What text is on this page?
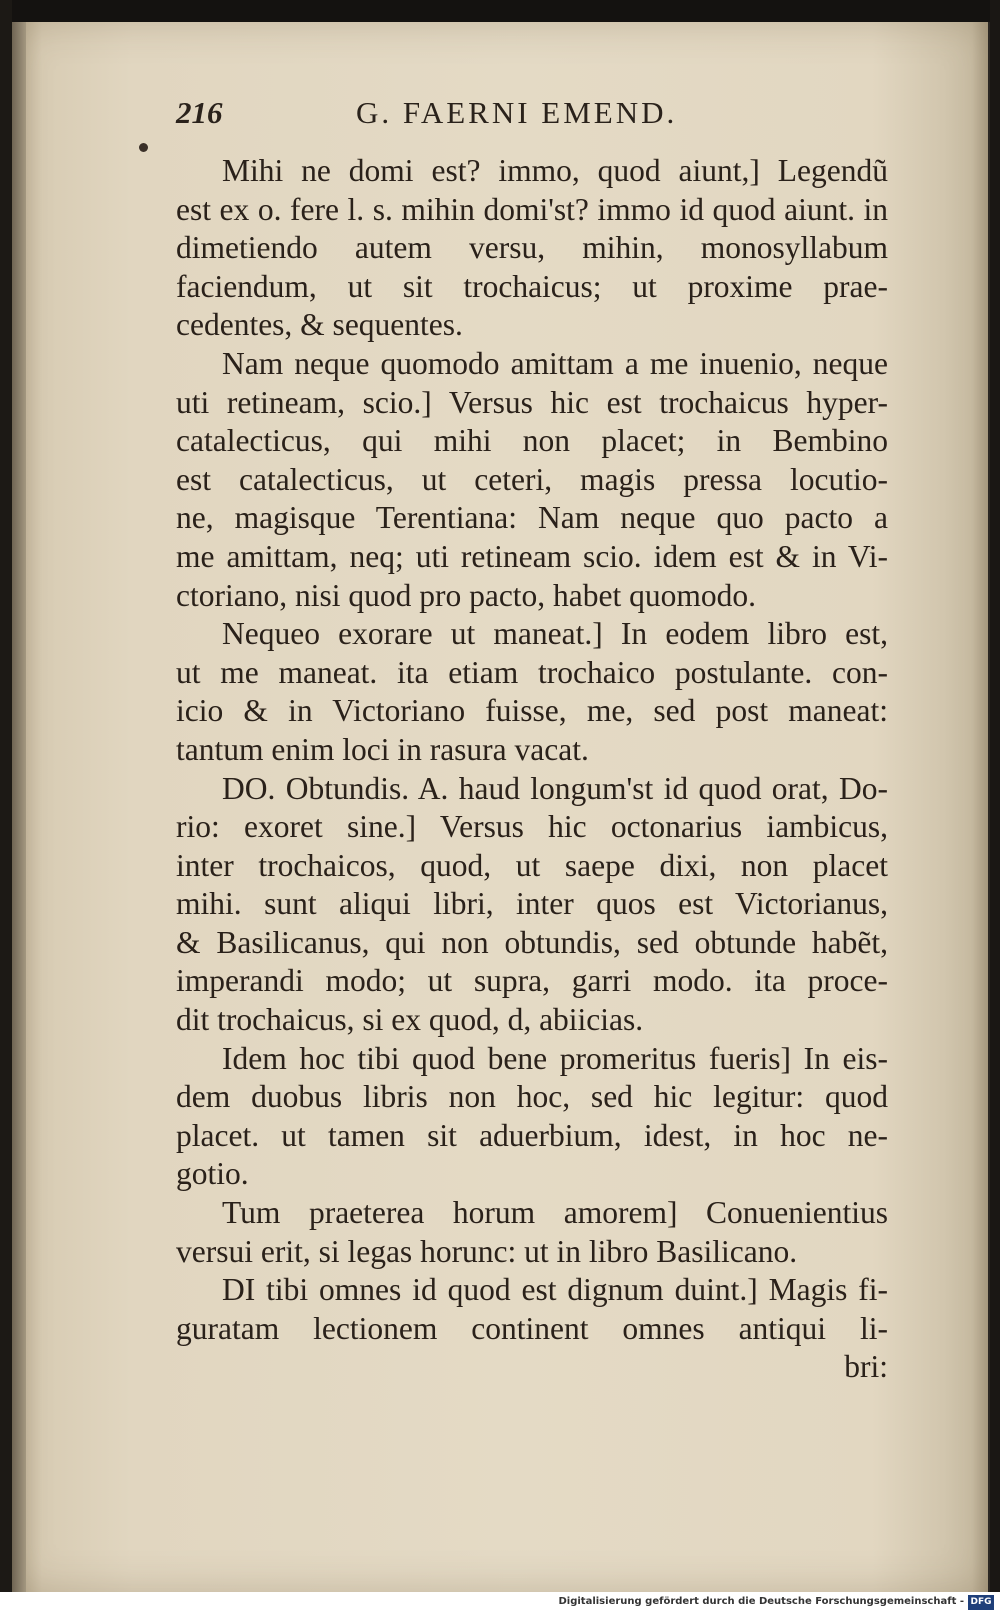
216	G. FAERNI EMEND.
Mihi ne domi est? immo, quod aiunt,] Legendũ
est ex o. fere l. s. mihin domi'st? immo id quod aiunt. in
dimetiendo autem versu, mihin, monosyllabum
faciendum, ut sit trochaicus; ut proxime prae-
cedentes, & sequentes.
Nam neque quomodo amittam a me inuenio, neque
uti retineam, scio.] Versus hic est trochaicus hyper-
catalecticus, qui mihi non placet; in Bembino
est catalecticus, ut ceteri, magis pressa locutio-
ne, magisque Terentiana: Nam neque quo pacto a
me amittam, neq; uti retineam scio. idem est & in Vi-
ctoriano, nisi quod pro pacto, habet quomodo.
Nequeo exorare ut maneat.] In eodem libro est,
ut me maneat. ita etiam trochaico postulante. con-
icio & in Victoriano fuisse, me, sed post maneat:
tantum enim loci in rasura vacat.
DO. Obtundis. A. haud longum'st id quod orat, Do-
rio: exoret sine.] Versus hic octonarius iambicus,
inter trochaicos, quod, ut saepe dixi, non placet
mihi. sunt aliqui libri, inter quos est Victorianus,
& Basilicanus, qui non obtundis, sed obtunde habẽt,
imperandi modo; ut supra, garri modo. ita proce-
dit trochaicus, si ex quod, d, abiicias.
Idem hoc tibi quod bene promeritus fueris] In eis-
dem duobus libris non hoc, sed hic legitur: quod
placet. ut tamen sit aduerbium, idest, in hoc ne-
gotio.
Tum praeterea horum amorem] Conuenientius
versui erit, si legas horunc: ut in libro Basilicano.
DI tibi omnes id quod est dignum duint.] Magis fi-
guratam lectionem continent omnes antiqui li-
bri:
Digitalisierung gefördert durch die Deutsche Forschungsgemeinschaft - DFG
